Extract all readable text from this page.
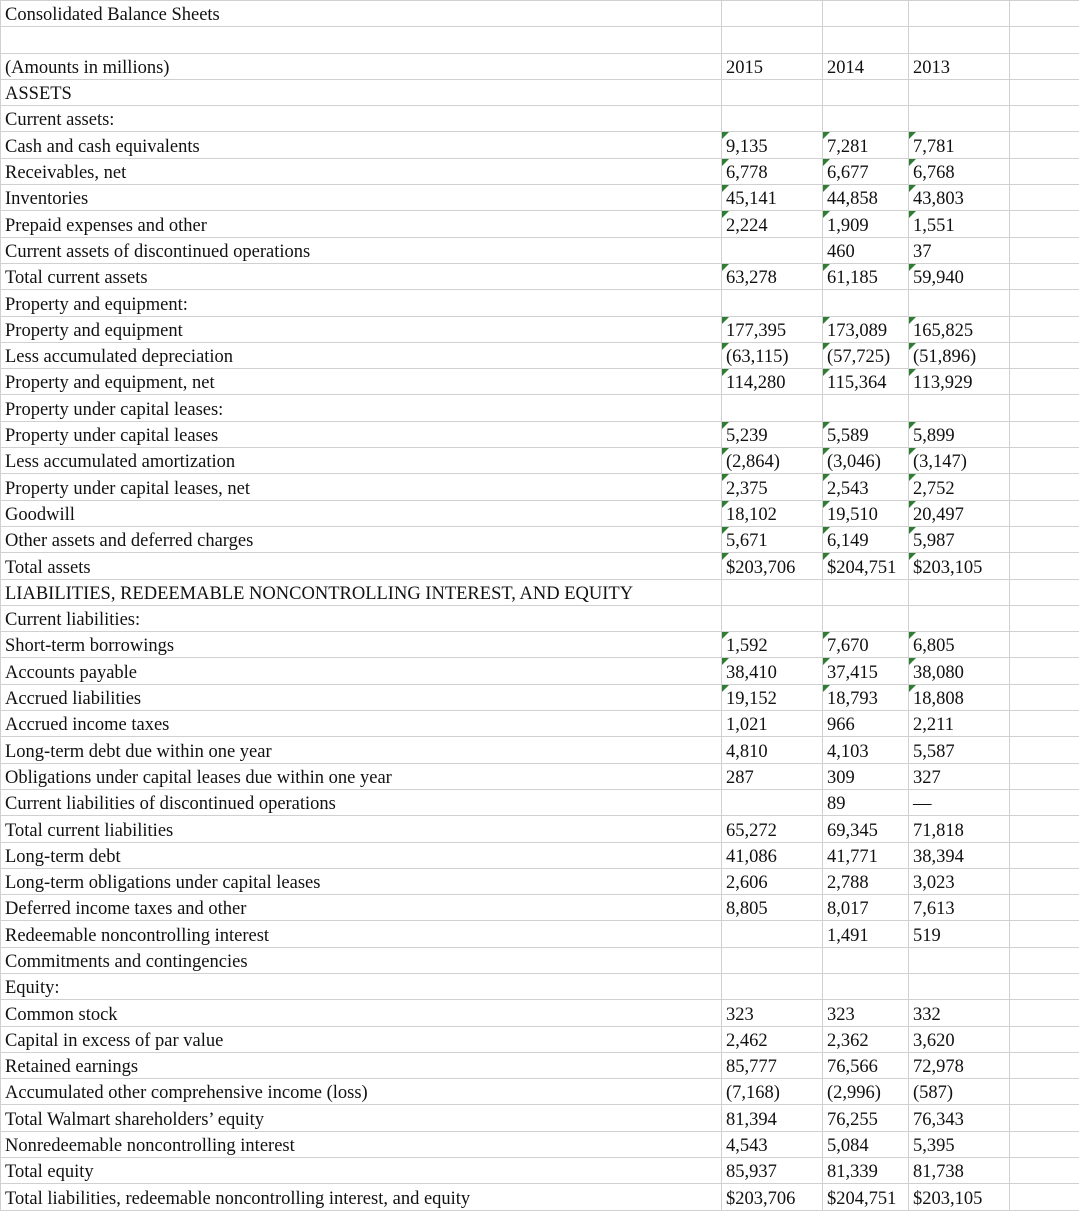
Consolidated Balance Sheets				

(Amounts in millions)	2015	2014	2013	
ASSETS				
Current assets:				
Cash and cash equivalents	9,135	7,281	7,781	
Receivables, net	6,778	6,677	6,768	
Inventories	45,141	44,858	43,803	
Prepaid expenses and other	2,224	1,909	1,551	
Current assets of discontinued operations		460	37	
Total current assets	63,278	61,185	59,940	
Property and equipment:				
Property and equipment	177,395	173,089	165,825	
Less accumulated depreciation	(63,115)	(57,725)	(51,896)	
Property and equipment, net	114,280	115,364	113,929	
Property under capital leases:				
Property under capital leases	5,239	5,589	5,899	
Less accumulated amortization	(2,864)	(3,046)	(3,147)	
Property under capital leases, net	2,375	2,543	2,752	
Goodwill	18,102	19,510	20,497	
Other assets and deferred charges	5,671	6,149	5,987	
Total assets	$203,706	$204,751	$203,105	
LIABILITIES, REDEEMABLE NONCONTROLLING INTEREST, AND EQUITY				
Current liabilities:				
Short-term borrowings	1,592	7,670	6,805	
Accounts payable	38,410	37,415	38,080	
Accrued liabilities	19,152	18,793	18,808	
Accrued income taxes	1,021	966	2,211	
Long-term debt due within one year	4,810	4,103	5,587	
Obligations under capital leases due within one year	287	309	327	
Current liabilities of discontinued operations		89	—	
Total current liabilities	65,272	69,345	71,818	
Long-term debt	41,086	41,771	38,394	
Long-term obligations under capital leases	2,606	2,788	3,023	
Deferred income taxes and other	8,805	8,017	7,613	
Redeemable noncontrolling interest		1,491	519	
Commitments and contingencies				
Equity:				
Common stock	323	323	332	
Capital in excess of par value	2,462	2,362	3,620	
Retained earnings	85,777	76,566	72,978	
Accumulated other comprehensive income (loss)	(7,168)	(2,996)	(587)	
Total Walmart shareholders’ equity	81,394	76,255	76,343	
Nonredeemable noncontrolling interest	4,543	5,084	5,395	
Total equity	85,937	81,339	81,738	
Total liabilities, redeemable noncontrolling interest, and equity	$203,706	$204,751	$203,105	
